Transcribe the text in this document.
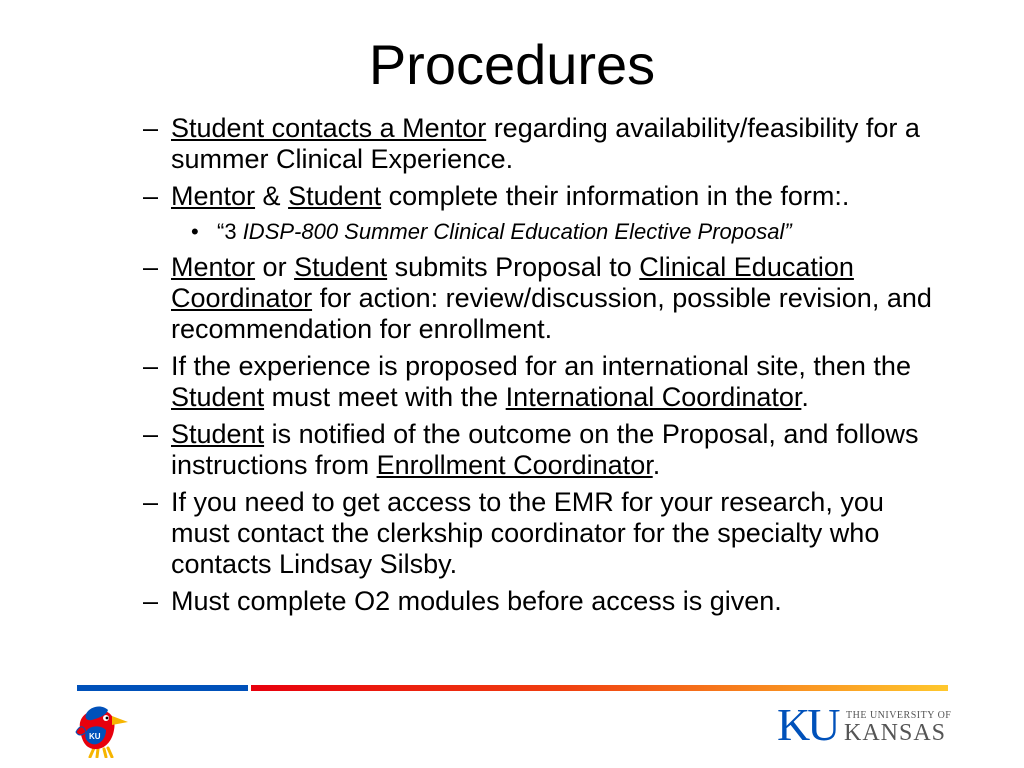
Procedures
– Student contacts a Mentor regarding availability/feasibility for a summer Clinical Experience.
– Mentor & Student complete their information in the form:.
• “3 IDSP-800 Summer Clinical Education Elective Proposal”
– Mentor or Student submits Proposal to Clinical Education Coordinator for action: review/discussion, possible revision, and recommendation for enrollment.
– If the experience is proposed for an international site, then the Student must meet with the International Coordinator.
– Student is notified of the outcome on the Proposal, and follows instructions from Enrollment Coordinator.
– If you need to get access to the EMR for your research, you must contact the clerkship coordinator for the specialty who contacts Lindsay Silsby.
– Must complete O2 modules before access is given.
KU	KU THE UNIVERSITY OF
KANSAS
